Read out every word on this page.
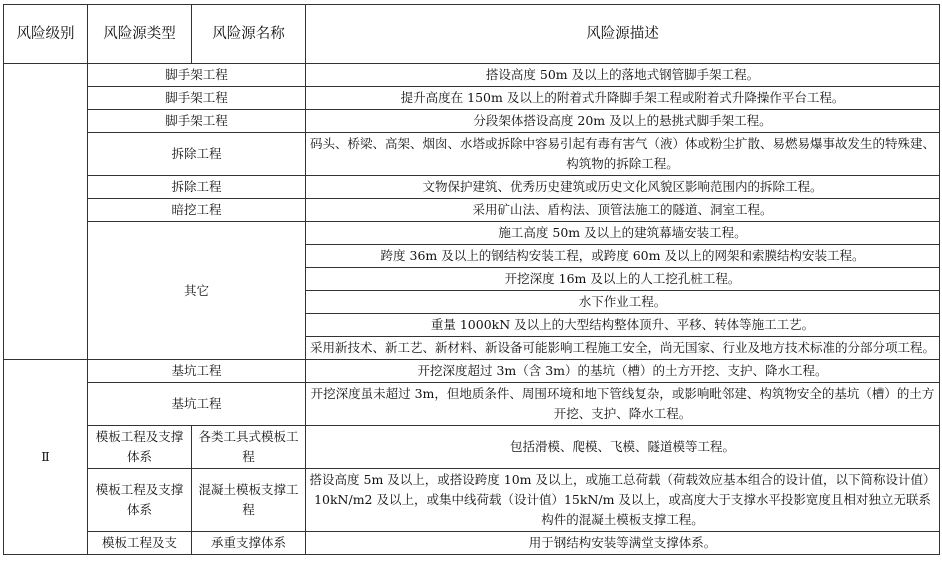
风险级别	风险源类型	风险源名称	风险源描述
	脚手架工程		搭设高度 50m 及以上的落地式钢管脚手架工程。
	脚手架工程		提升高度在 150m 及以上的附着式升降脚手架工程或附着式升降操作平台工程。
	脚手架工程		分段架体搭设高度 20m 及以上的悬挑式脚手架工程。
	拆除工程		码头、桥梁、高架、烟囱、水塔或拆除中容易引起有毒有害气（液）体或粉尘扩散、易燃易爆事故发生的特殊建、构筑物的拆除工程。
	拆除工程		文物保护建筑、优秀历史建筑或历史文化风貌区影响范围内的拆除工程。
	暗挖工程		采用矿山法、盾构法、顶管法施工的隧道、洞室工程。
	其它		施工高度 50m 及以上的建筑幕墙安装工程。
			跨度 36m 及以上的钢结构安装工程，或跨度 60m 及以上的网架和索膜结构安装工程。
			开挖深度 16m 及以上的人工挖孔桩工程。
			水下作业工程。
			重量 1000kN 及以上的大型结构整体顶升、平移、转体等施工工艺。
			采用新技术、新工艺、新材料、新设备可能影响工程施工安全，尚无国家、行业及地方技术标准的分部分项工程。
Ⅱ	基坑工程		开挖深度超过 3m（含 3m）的基坑（槽）的土方开挖、支护、降水工程。
	基坑工程		开挖深度虽未超过 3m，但地质条件、周围环境和地下管线复杂，或影响毗邻建、构筑物安全的基坑（槽）的土方开挖、支护、降水工程。
	模板工程及支撑体系	各类工具式模板工程	包括滑模、爬模、飞模、隧道模等工程。
	模板工程及支撑体系	混凝土模板支撑工程	搭设高度 5m 及以上，或搭设跨度 10m 及以上，或施工总荷载（荷载效应基本组合的设计值，以下简称设计值）10kN/m2 及以上，或集中线荷载（设计值）15kN/m 及以上，或高度大于支撑水平投影宽度且相对独立无联系构件的混凝土模板支撑工程。
	模板工程及支	承重支撑体系	用于钢结构安装等满堂支撑体系。
